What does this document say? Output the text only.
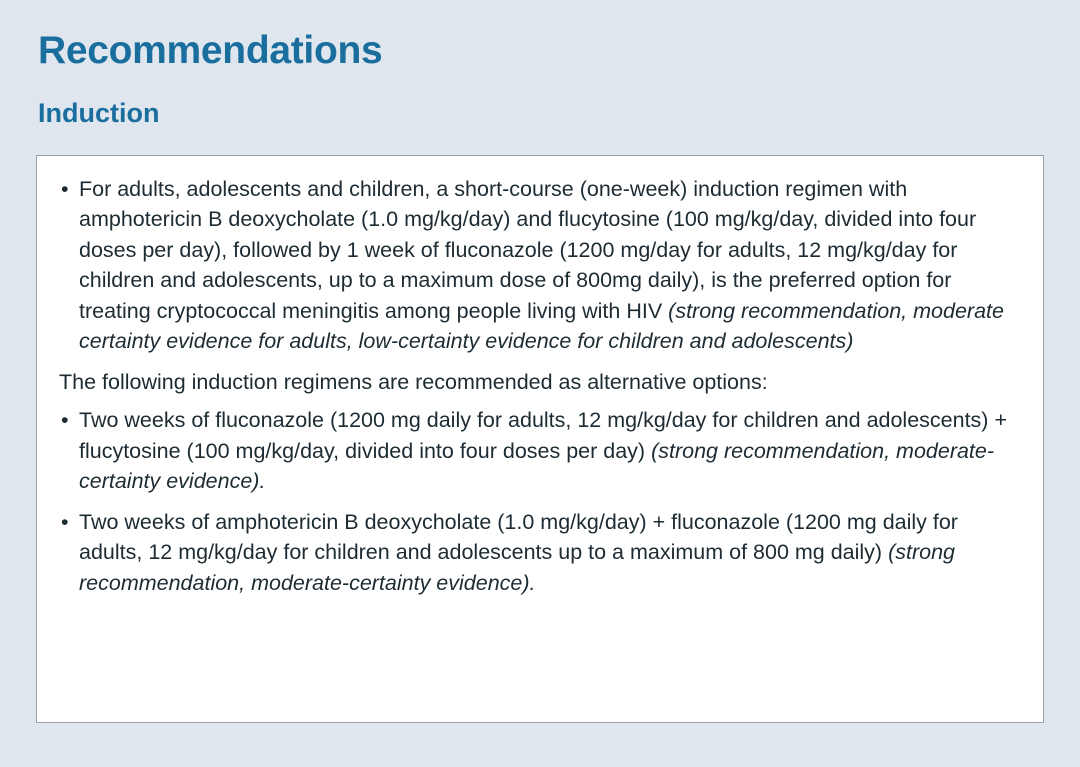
Recommendations
Induction
• For adults, adolescents and children, a short-course (one-week) induction regimen with amphotericin B deoxycholate (1.0 mg/kg/day) and flucytosine (100 mg/kg/day, divided into four doses per day), followed by 1 week of fluconazole (1200 mg/day for adults, 12 mg/kg/day for children and adolescents, up to a maximum dose of 800mg daily), is the preferred option for treating cryptococcal meningitis among people living with HIV (strong recommendation, moderate certainty evidence for adults, low-certainty evidence for children and adolescents)
The following induction regimens are recommended as alternative options:
• Two weeks of fluconazole (1200 mg daily for adults, 12 mg/kg/day for children and adolescents) + flucytosine (100 mg/kg/day, divided into four doses per day) (strong recommendation, moderate-certainty evidence).
• Two weeks of amphotericin B deoxycholate (1.0 mg/kg/day) + fluconazole (1200 mg daily for adults, 12 mg/kg/day for children and adolescents up to a maximum of 800 mg daily) (strong recommendation, moderate-certainty evidence).
